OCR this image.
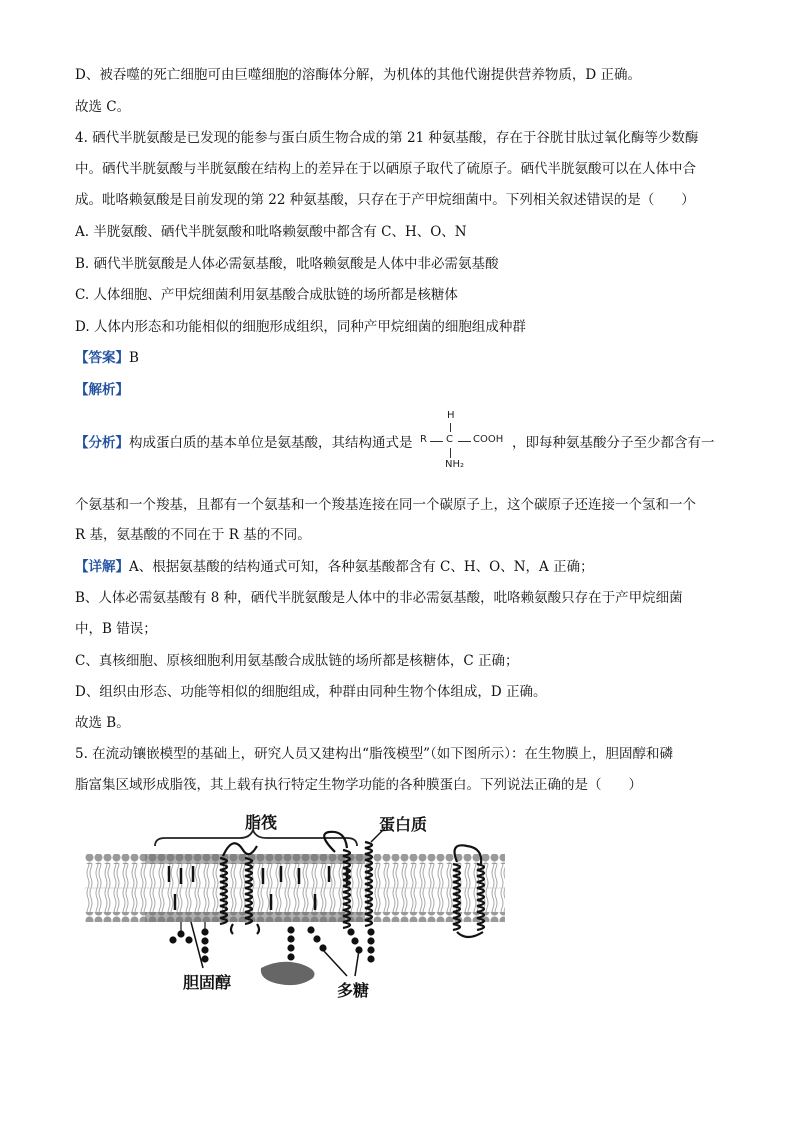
D、被吞噬的死亡细胞可由巨噬细胞的溶酶体分解，为机体的其他代谢提供营养物质，D 正确。
故选 C。
4. 硒代半胱氨酸是已发现的能参与蛋白质生物合成的第 21 种氨基酸，存在于谷胱甘肽过氧化酶等少数酶
中。硒代半胱氨酸与半胱氨酸在结构上的差异在于以硒原子取代了硫原子。硒代半胱氨酸可以在人体中合
成。吡咯赖氨酸是目前发现的第 22 种氨基酸，只存在于产甲烷细菌中。下列相关叙述错误的是（　　）
A. 半胱氨酸、硒代半胱氨酸和吡咯赖氨酸中都含有 C、H、O、N
B. 硒代半胱氨酸是人体必需氨基酸，吡咯赖氨酸是人体中非必需氨基酸
C. 人体细胞、产甲烷细菌利用氨基酸合成肽链的场所都是核糖体
D. 人体内形态和功能相似的细胞形成组织，同种产甲烷细菌的细胞组成种群
【答案】B
【解析】
【分析】构成蛋白质的基本单位是氨基酸，其结构通式是
H
R C COOH
NH₂
，即每种氨基酸分子至少都含有一
个氨基和一个羧基，且都有一个氨基和一个羧基连接在同一个碳原子上，这个碳原子还连接一个氢和一个
R 基，氨基酸的不同在于 R 基的不同。
【详解】A、根据氨基酸的结构通式可知，各种氨基酸都含有 C、H、O、N，A 正确；
B、人体必需氨基酸有 8 种，硒代半胱氨酸是人体中的非必需氨基酸，吡咯赖氨酸只存在于产甲烷细菌
中，B 错误；
C、真核细胞、原核细胞利用氨基酸合成肽链的场所都是核糖体，C 正确；
D、组织由形态、功能等相似的细胞组成，种群由同种生物个体组成，D 正确。
故选 B。
5. 在流动镶嵌模型的基础上，研究人员又建构出“脂筏模型”（如下图所示）：在生物膜上，胆固醇和磷
脂富集区域形成脂筏，其上载有执行特定生物学功能的各种膜蛋白。下列说法正确的是（　　）
脂筏	蛋白质
胆固醇	多糖
